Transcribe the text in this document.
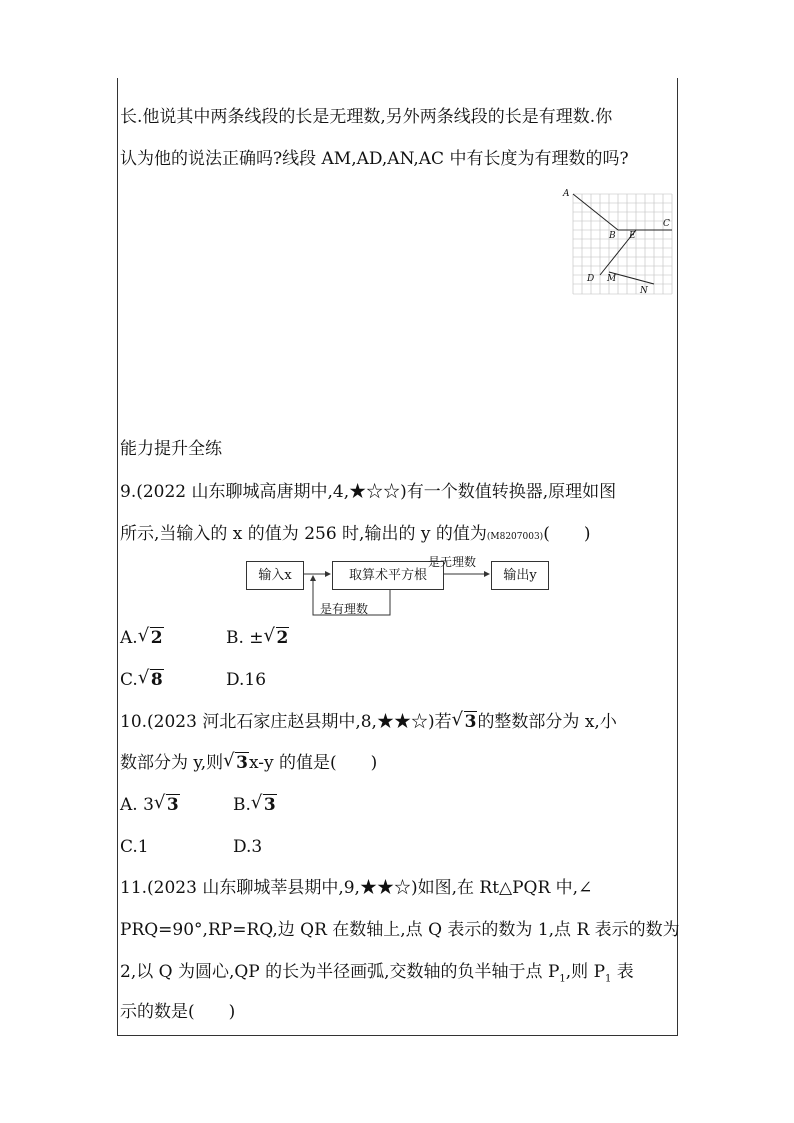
长.他说其中两条线段的长是无理数,另外两条线段的长是有理数.你
认为他的说法正确吗?线段 AM,AD,AN,AC 中有长度为有理数的吗?
A
C
B E
D M
N
能力提升全练
9.(2022 山东聊城高唐期中,4,★☆☆)有一个数值转换器,原理如图
所示,当输入的 x 的值为 256 时,输出的 y 的值为(M8207003)(　　)
输入x	取算术平方根	输出y
是无理数
是有理数
A. √ 2	B. ± √ 2
C. √ 8	D.16
10.(2023 河北石家庄赵县期中,8,★★☆)若 √ 3的整数部分为 x,小
数部分为 y,则 √ 3x-y 的值是(　　)
A. 3 √ 3	B. √ 3
C.1	D.3
11.(2023 山东聊城莘县期中,9,★★☆)如图,在 Rt△PQR 中,∠
PRQ=90°,RP=RQ,边 QR 在数轴上,点 Q 表示的数为 1,点 R 表示的数为
2,以 Q 为圆心,QP 的长为半径画弧,交数轴的负半轴于点 $P_1$,则 $P_1$ 表
示的数是(　　)
